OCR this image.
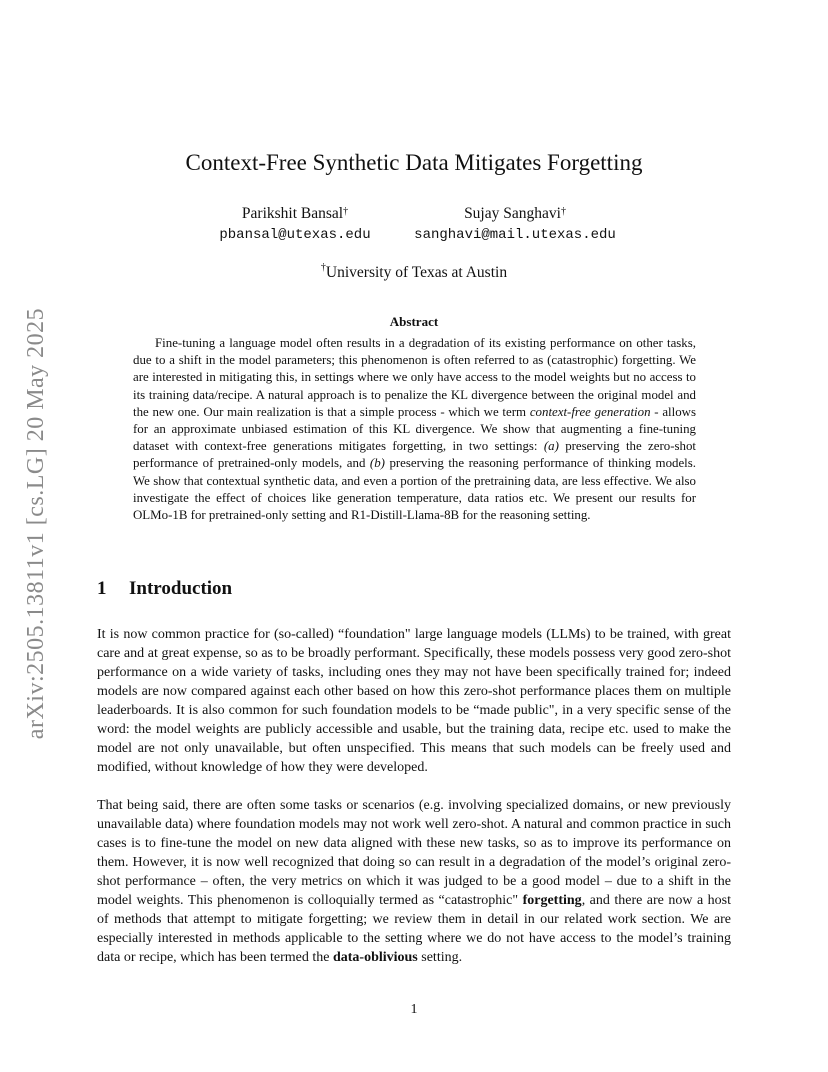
arXiv:2505.13811v1 [cs.LG] 20 May 2025
Context-Free Synthetic Data Mitigates Forgetting
Parikshit Bansal†
pbansal@utexas.edu
Sujay Sanghavi†
sanghavi@mail.utexas.edu
†University of Texas at Austin
Abstract

Fine-tuning a language model often results in a degradation of its existing performance on other tasks, due to a shift in the model parameters; this phenomenon is often referred to as (catastrophic) forgetting. We are interested in mitigating this, in settings where we only have access to the model weights but no access to its training data/recipe. A natural approach is to penalize the KL divergence between the original model and the new one. Our main realization is that a simple process - which we term context-free generation - allows for an approximate unbiased estimation of this KL divergence. We show that augmenting a fine-tuning dataset with context-free generations mitigates forgetting, in two settings: (a) preserving the zero-shot performance of pretrained-only models, and (b) preserving the reasoning performance of thinking models. We show that contextual synthetic data, and even a portion of the pretraining data, are less effective. We also investigate the effect of choices like generation temperature, data ratios etc. We present our results for OLMo-1B for pretrained-only setting and R1-Distill-Llama-8B for the reasoning setting.

1 Introduction

It is now common practice for (so-called) “foundation" large language models (LLMs) to be trained, with great care and at great expense, so as to be broadly performant. Specifically, these models possess very good zero-shot performance on a wide variety of tasks, including ones they may not have been specifically trained for; indeed models are now compared against each other based on how this zero-shot performance places them on multiple leaderboards. It is also common for such foundation models to be “made public", in a very specific sense of the word: the model weights are publicly accessible and usable, but the training data, recipe etc. used to make the model are not only unavailable, but often unspecified. This means that such models can be freely used and modified, without knowledge of how they were developed.

That being said, there are often some tasks or scenarios (e.g. involving specialized domains, or new previously unavailable data) where foundation models may not work well zero-shot. A natural and common practice in such cases is to fine-tune the model on new data aligned with these new tasks, so as to improve its performance on them. However, it is now well recognized that doing so can result in a degradation of the model’s original zero-shot performance – often, the very metrics on which it was judged to be a good model – due to a shift in the model weights. This phenomenon is colloquially termed as “catastrophic" forgetting, and there are now a host of methods that attempt to mitigate forgetting; we review them in detail in our related work section. We are especially interested in methods applicable to the setting where we do not have access to the model’s training data or recipe, which has been termed the data-oblivious setting.

1
